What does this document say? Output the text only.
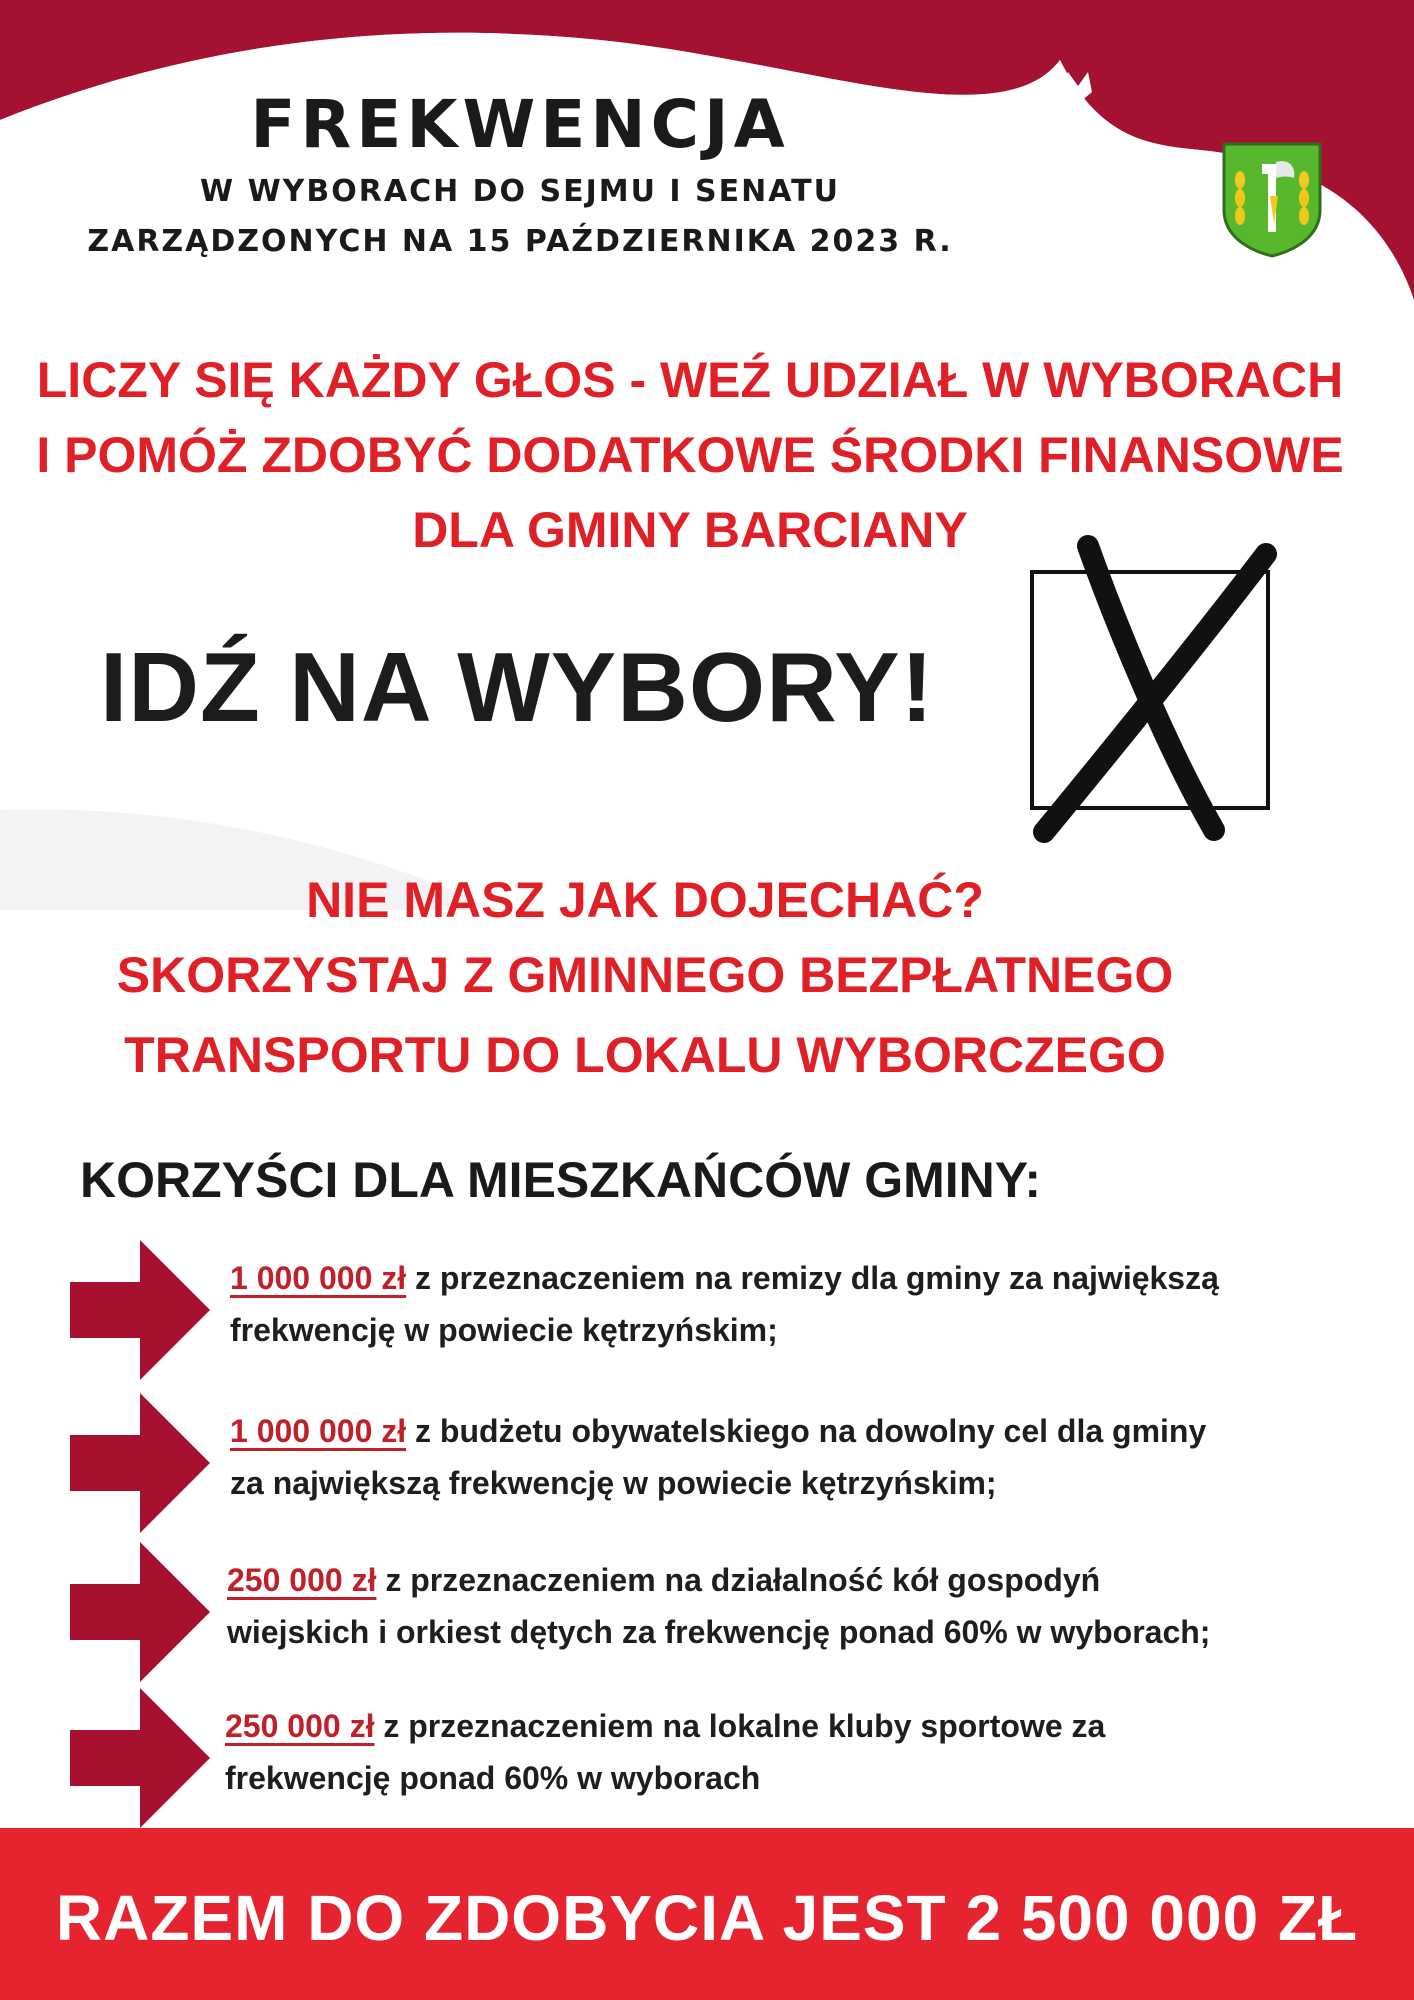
FREKWENCJA
W WYBORACH DO SEJMU I SENATU
ZARZĄDZONYCH NA 15 PAŹDZIERNIKA 2023 R.
LICZY SIĘ KAŻDY GŁOS - WEŹ UDZIAŁ W WYBORACH
I POMÓŻ ZDOBYĆ DODATKOWE ŚRODKI FINANSOWE
DLA GMINY BARCIANY
IDŹ NA WYBORY!
NIE MASZ JAK DOJECHAĆ?
SKORZYSTAJ Z GMINNEGO BEZPŁATNEGO
TRANSPORTU DO LOKALU WYBORCZEGO
KORZYŚCI DLA MIESZKAŃCÓW GMINY:
1 000 000 zł z przeznaczeniem na remizy dla gminy za największą
frekwencję w powiecie kętrzyńskim;
1 000 000 zł z budżetu obywatelskiego na dowolny cel dla gminy
za największą frekwencję w powiecie kętrzyńskim;
250 000 zł z przeznaczeniem na działalność kół gospodyń
wiejskich i orkiest dętych za frekwencję ponad 60% w wyborach;
250 000 zł z przeznaczeniem na lokalne kluby sportowe za
frekwencję ponad 60% w wyborach
RAZEM DO ZDOBYCIA JEST 2 500 000 ZŁ
